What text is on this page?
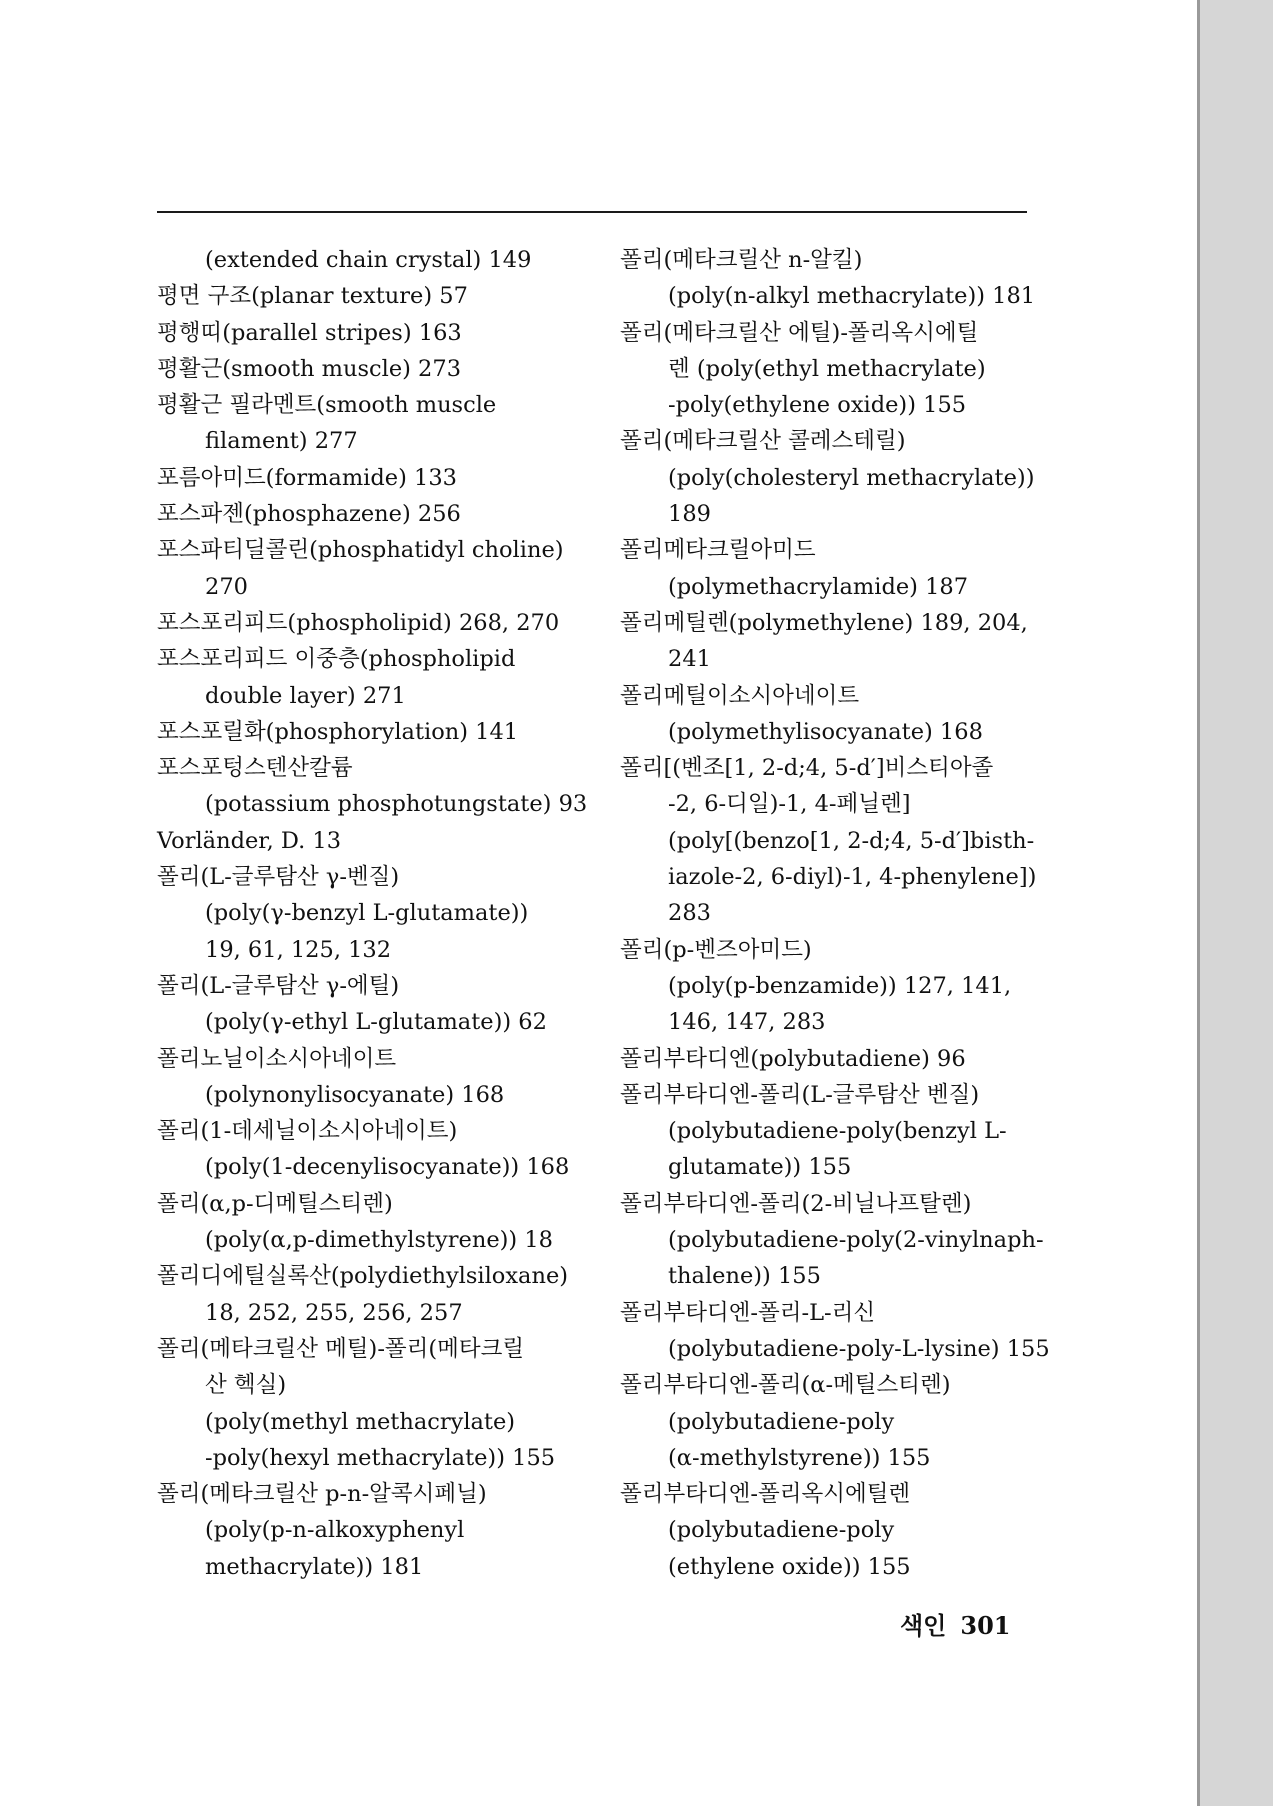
(extended chain crystal) 149
평면 구조(planar texture) 57
평행띠(parallel stripes) 163
평활근(smooth muscle) 273
평활근 필라멘트(smooth muscle
filament) 277
포름아미드(formamide) 133
포스파젠(phosphazene) 256
포스파티딜콜린(phosphatidyl choline)
270
포스포리피드(phospholipid) 268, 270
포스포리피드 이중층(phospholipid
double layer) 271
포스포릴화(phosphorylation) 141
포스포텅스텐산칼륨
(potassium phosphotungstate) 93
Vorländer, D. 13
폴리(L-글루탐산 γ-벤질)
(poly(γ-benzyl L-glutamate))
19, 61, 125, 132
폴리(L-글루탐산 γ-에틸)
(poly(γ-ethyl L-glutamate)) 62
폴리노닐이소시아네이트
(polynonylisocyanate) 168
폴리(1-데세닐이소시아네이트)
(poly(1-decenylisocyanate)) 168
폴리(α,p-디메틸스티렌)
(poly(α,p-dimethylstyrene)) 18
폴리디에틸실록산(polydiethylsiloxane)
18, 252, 255, 256, 257
폴리(메타크릴산 메틸)-폴리(메타크릴
산 헥실)
(poly(methyl methacrylate)
-poly(hexyl methacrylate)) 155
폴리(메타크릴산 p-n-알콕시페닐)
(poly(p-n-alkoxyphenyl
methacrylate)) 181
폴리(메타크릴산 n-알킬)
(poly(n-alkyl methacrylate)) 181
폴리(메타크릴산 에틸)-폴리옥시에틸
렌 (poly(ethyl methacrylate)
-poly(ethylene oxide)) 155
폴리(메타크릴산 콜레스테릴)
(poly(cholesteryl methacrylate))
189
폴리메타크릴아미드
(polymethacrylamide) 187
폴리메틸렌(polymethylene) 189, 204,
241
폴리메틸이소시아네이트
(polymethylisocyanate) 168
폴리[(벤조[1, 2-d;4, 5-d′]비스티아졸
-2, 6-디일)-1, 4-페닐렌]
(poly[(benzo[1, 2-d;4, 5-d′]bisth-
iazole-2, 6-diyl)-1, 4-phenylene])
283
폴리(p-벤즈아미드)
(poly(p-benzamide)) 127, 141,
146, 147, 283
폴리부타디엔(polybutadiene) 96
폴리부타디엔-폴리(L-글루탐산 벤질)
(polybutadiene-poly(benzyl L-
glutamate)) 155
폴리부타디엔-폴리(2-비닐나프탈렌)
(polybutadiene-poly(2-vinylnaph-
thalene)) 155
폴리부타디엔-폴리-L-리신
(polybutadiene-poly-L-lysine) 155
폴리부타디엔-폴리(α-메틸스티렌)
(polybutadiene-poly
(α-methylstyrene)) 155
폴리부타디엔-폴리옥시에틸렌
(polybutadiene-poly
(ethylene oxide)) 155
색인 301
